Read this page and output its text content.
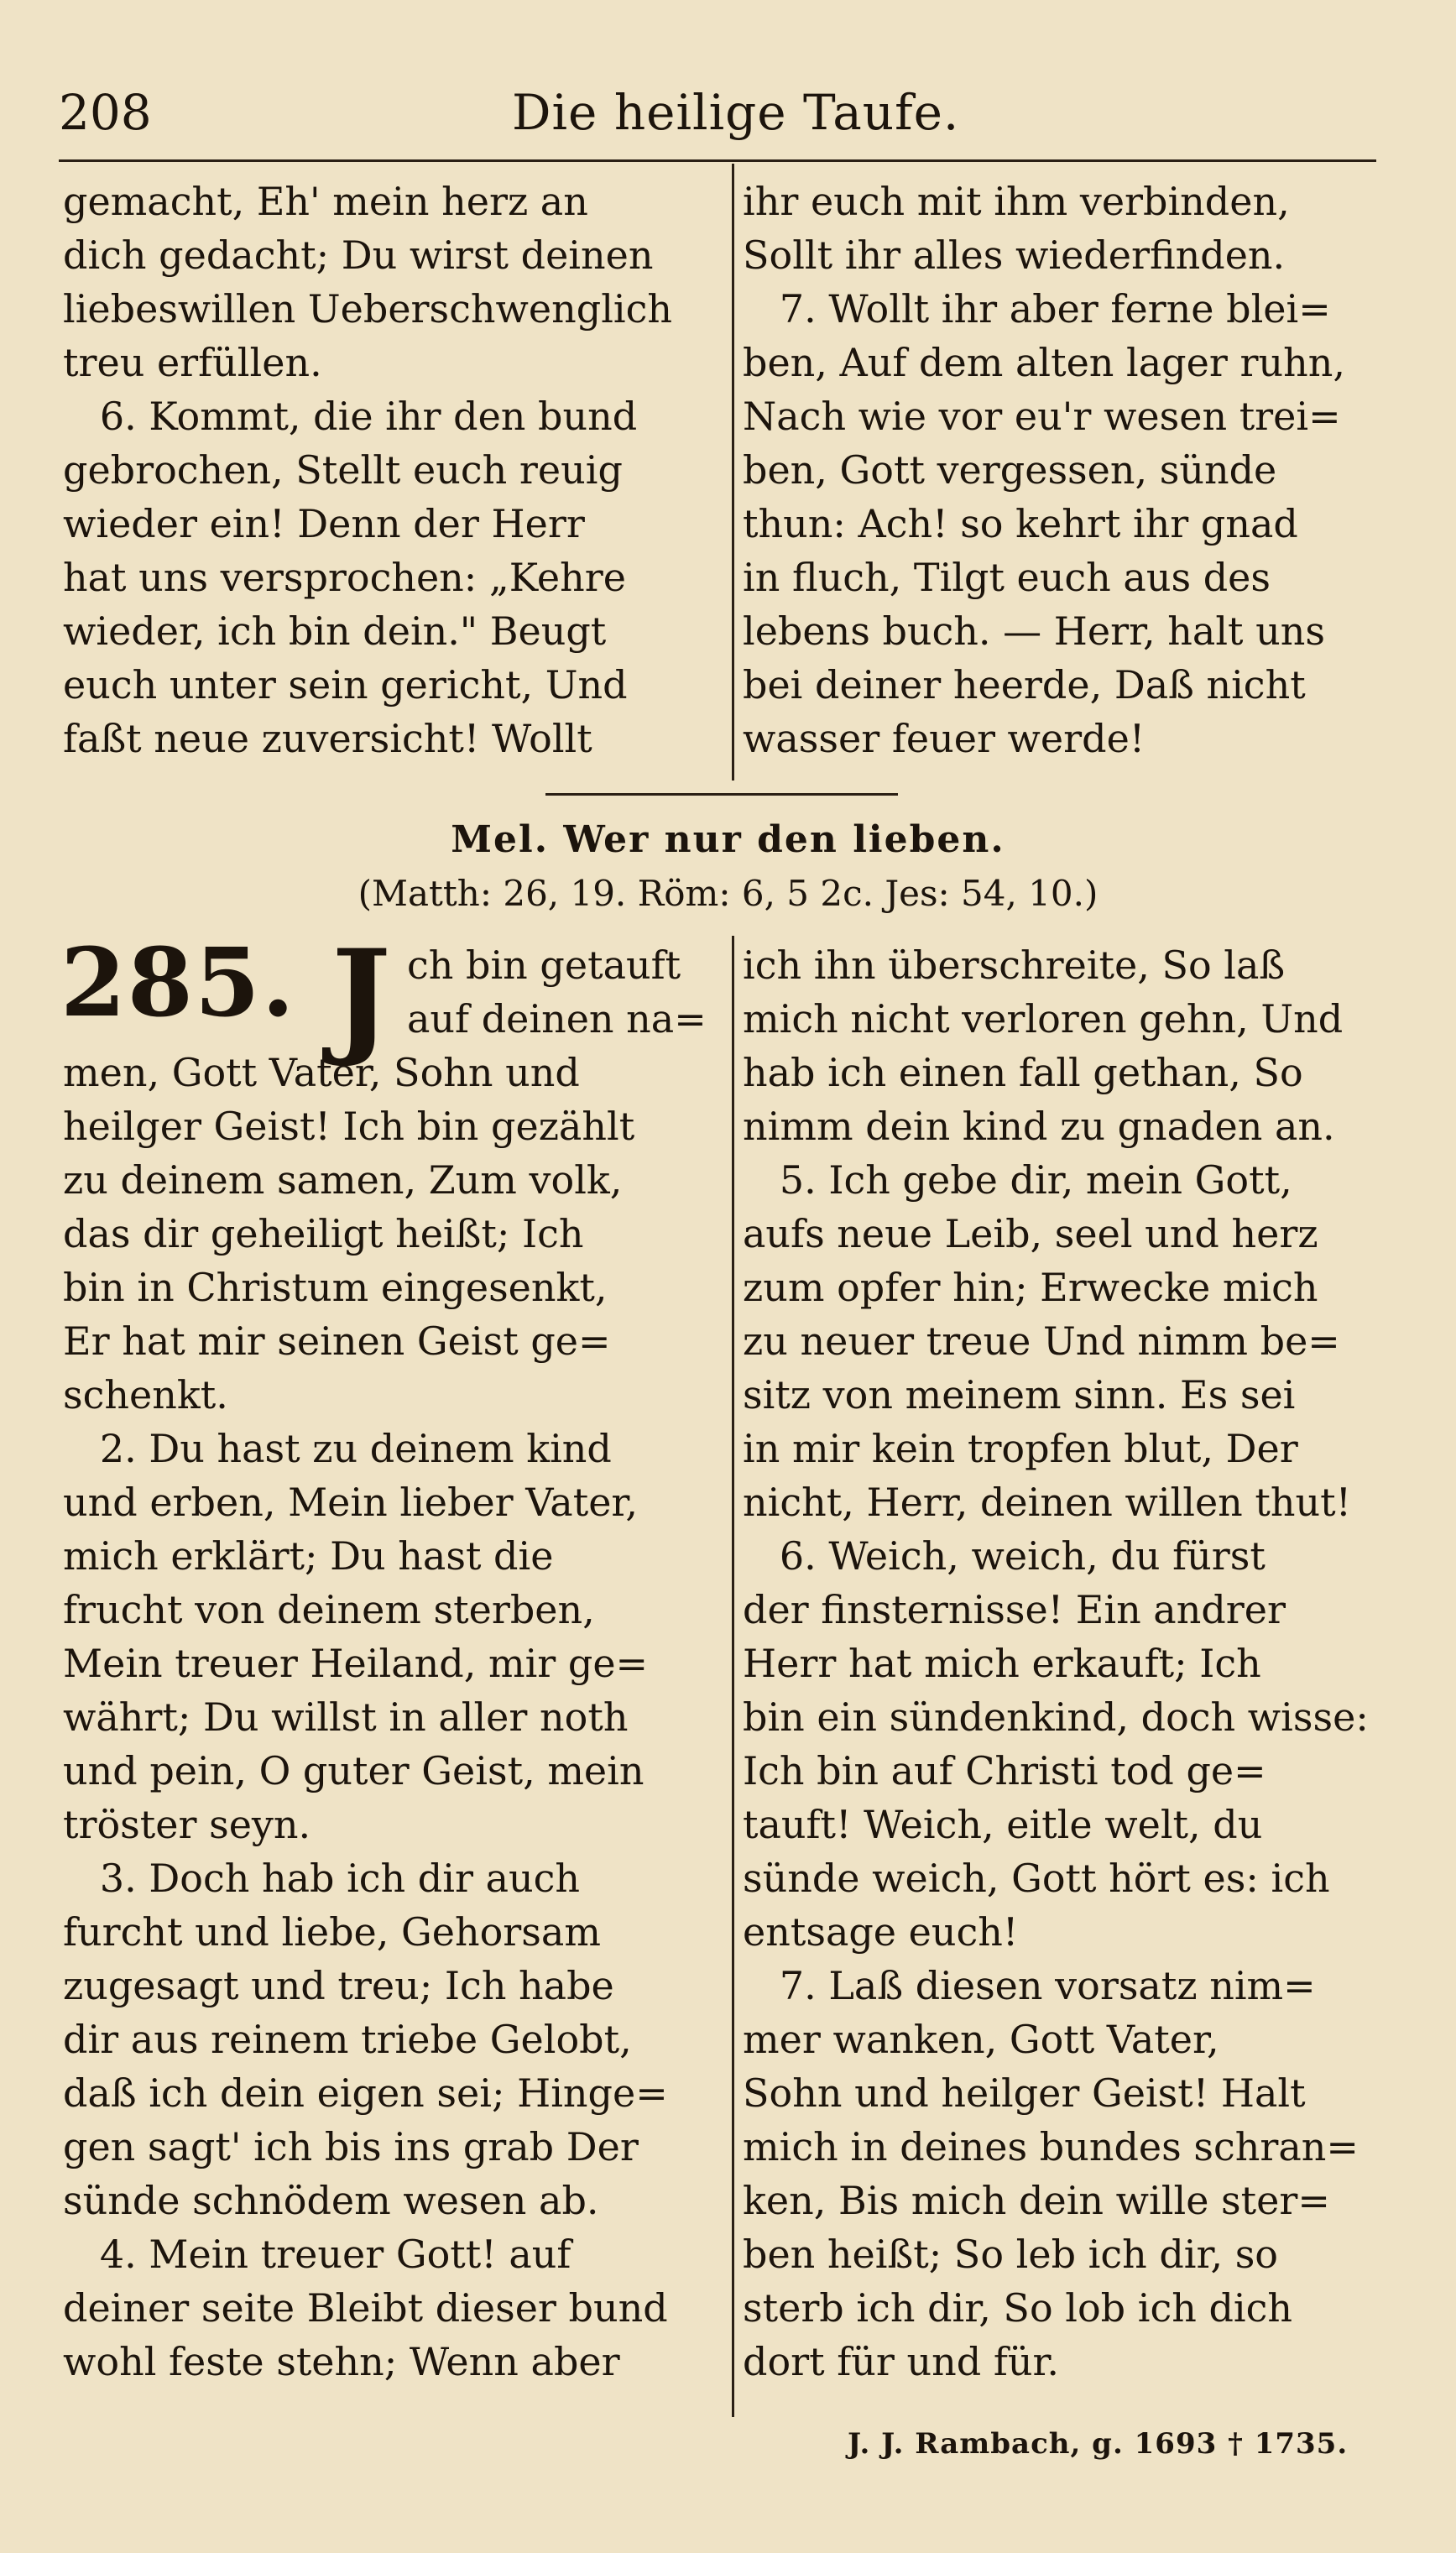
208	Die heilige Taufe.

gemacht, Eh' mein herz an

dich gedacht; Du wirst deinen

liebeswillen Ueberschwenglich

treu erfüllen.

6. Kommt, die ihr den bund

gebrochen, Stellt euch reuig

wieder ein! Denn der Herr

hat uns versprochen: „Kehre

wieder, ich bin dein." Beugt

euch unter sein gericht, Und

faßt neue zuversicht! Wollt

ihr euch mit ihm verbinden,

Sollt ihr alles wiederfinden.

7. Wollt ihr aber ferne blei=

ben, Auf dem alten lager ruhn,

Nach wie vor eu'r wesen trei=

ben, Gott vergessen, sünde

thun: Ach! so kehrt ihr gnad

in fluch, Tilgt euch aus des

lebens buch. — Herr, halt uns

bei deiner heerde, Daß nicht

wasser feuer werde!

Mel. Wer nur den lieben.
(Matth: 26, 19. Röm: 6, 5 2c. Jes: 54, 10.)
285. J ch bin getauft

auf deinen na=

men, Gott Vater, Sohn und

heilger Geist! Ich bin gezählt

zu deinem samen, Zum volk,

das dir geheiligt heißt; Ich

bin in Christum eingesenkt,

Er hat mir seinen Geist ge=

schenkt.

2. Du hast zu deinem kind

und erben, Mein lieber Vater,

mich erklärt; Du hast die

frucht von deinem sterben,

Mein treuer Heiland, mir ge=

währt; Du willst in aller noth

und pein, O guter Geist, mein

tröster seyn.

3. Doch hab ich dir auch

furcht und liebe, Gehorsam

zugesagt und treu; Ich habe

dir aus reinem triebe Gelobt,

daß ich dein eigen sei; Hinge=

gen sagt' ich bis ins grab Der

sünde schnödem wesen ab.

4. Mein treuer Gott! auf

deiner seite Bleibt dieser bund

wohl feste stehn; Wenn aber

ich ihn überschreite, So laß

mich nicht verloren gehn, Und

hab ich einen fall gethan, So

nimm dein kind zu gnaden an.

5. Ich gebe dir, mein Gott,

aufs neue Leib, seel und herz

zum opfer hin; Erwecke mich

zu neuer treue Und nimm be=

sitz von meinem sinn. Es sei

in mir kein tropfen blut, Der

nicht, Herr, deinen willen thut!

6. Weich, weich, du fürst

der finsternisse! Ein andrer

Herr hat mich erkauft; Ich

bin ein sündenkind, doch wisse:

Ich bin auf Christi tod ge=

tauft! Weich, eitle welt, du

sünde weich, Gott hört es: ich

entsage euch!

7. Laß diesen vorsatz nim=

mer wanken, Gott Vater,

Sohn und heilger Geist! Halt

mich in deines bundes schran=

ken, Bis mich dein wille ster=

ben heißt; So leb ich dir, so

sterb ich dir, So lob ich dich

dort für und für.

J. J. Rambach, g. 1693 † 1735.
